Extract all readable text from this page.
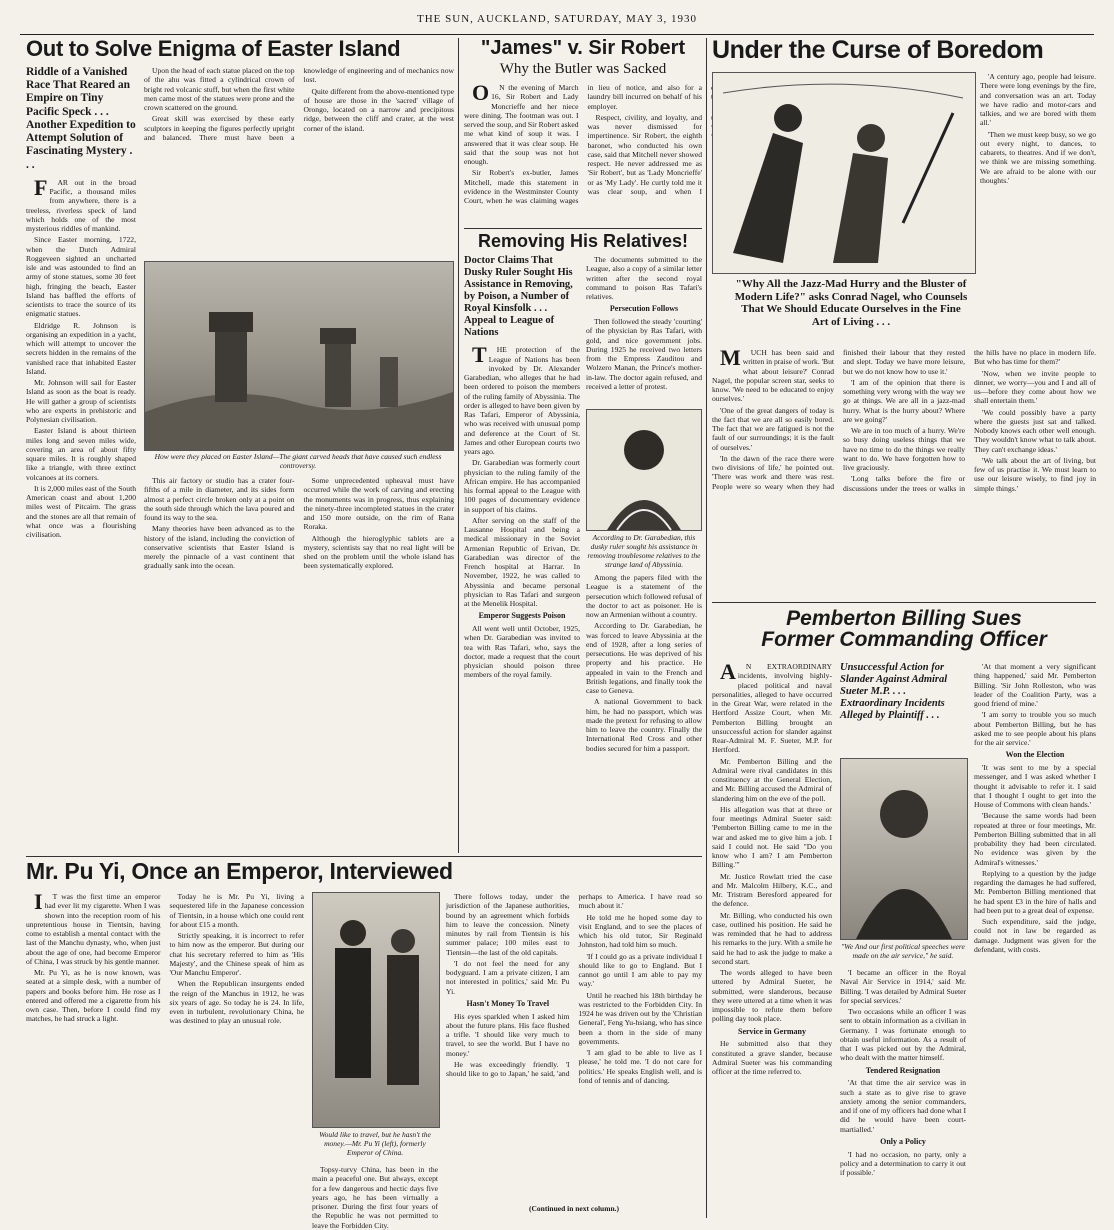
THE SUN, AUCKLAND, SATURDAY, MAY 3, 1930
Out to Solve Enigma of Easter Island
Riddle of a Vanished Race That Reared an Empire on Tiny Pacific Speck . . . Another Expedition to Attempt Solution of Fascinating Mystery . . .

F AR out in the broad Pacific, a thousand miles from anywhere, there is a treeless, riverless speck of land which holds one of the most mysterious riddles of mankind.

Since Easter morning, 1722, when the Dutch Admiral Roggeveen sighted an uncharted isle and was astounded to find an army of stone statues, some 30 feet high, fringing the beach, Easter Island has baffled the efforts of scientists to trace the source of its enigmatic statues.

Eldridge R. Johnson is organising an expedition in a yacht, which will attempt to uncover the secrets hidden in the remains of the vanished race that inhabited Easter Island.

Mr. Johnson will sail for Easter Island as soon as the boat is ready. He will gather a group of scientists who are experts in prehistoric and Polynesian civilisation.

Easter Island is about thirteen miles long and seven miles wide, covering an area of about fifty square miles. It is roughly shaped like a triangle, with three extinct volcanoes at its corners.

It is 2,000 miles east of the South American coast and about 1,200 miles west of Pitcairn. The grass and the stones are all that remain of what once was a flourishing civilisation.

Upon the head of each statue placed on the top of the ahu was fitted a cylindrical crown of bright red volcanic stuff, but when the first white men came most of the statues were prone and the crown scattered on the ground.

Great skill was exercised by these early sculptors in keeping the figures perfectly upright and balanced. There must have been a knowledge of engineering and of mechanics now lost.

Quite different from the above-mentioned type of house are those in the 'sacred' village of Orongo, located on a narrow and precipitous ridge, between the cliff and crater, at the west corner of the island.

How were they placed on Easter Island—The giant carved heads that have caused such endless controversy.

This air factory or studio has a crater four-fifths of a mile in diameter, and its sides form almost a perfect circle broken only at a point on the south side through which the lava poured and found its way to the sea.

Many theories have been advanced as to the history of the island, including the conviction of conservative scientists that Easter Island is merely the pinnacle of a vast continent that gradually sank into the ocean.

Some unprecedented upheaval must have occurred while the work of carving and erecting the monuments was in progress, thus explaining the ninety-three incompleted statues in the crater and 150 more outside, on the rim of Rana Roraka.

Although the hieroglyphic tablets are a mystery, scientists say that no real light will be shed on the problem until the whole island has been systematically explored.

"James" v. Sir Robert
Why the Butler was Sacked

O N the evening of March 16, Sir Robert and Lady Moncrieffe and her niece were dining. The footman was out. I served the soup, and Sir Robert asked me what kind of soup it was. I answered that it was clear soup. He said that the soup was not hot enough.

Sir Robert's ex-butler, James Mitchell, made this statement in evidence in the Westminster County Court, when he was claiming wages in lieu of notice, and also for a laundry bill incurred on behalf of his employer.

Respect, civility, and loyalty, and was never dismissed for impertinence. Sir Robert, the eighth baronet, who conducted his own case, said that Mitchell never showed respect. He never addressed me as 'Sir Robert', but as 'Lady Moncrieffe' or as 'My Lady'. He curtly told me it was clear soup, and when I

Removing His Relatives!
Doctor Claims That Dusky Ruler Sought His Assistance in Removing, by Poison, a Number of Royal Kinsfolk . . . Appeal to League of Nations

T HE protection of the League of Nations has been invoked by Dr. Alexander Garabedian, who alleges that he had been ordered to poison the members of the ruling family of Abyssinia. The order is alleged to have been given by Ras Tafari, Emperor of Abyssinia, who was received with unusual pomp and deference at the Court of St. James and other European courts two years ago.

Dr. Garabedian was formerly court physician to the ruling family of the African empire. He has accompanied his formal appeal to the League with 100 pages of documentary evidence in support of his claims.

After serving on the staff of the Lausanne Hospital and being a medical missionary in the Soviet Armenian Republic of Erivan, Dr. Garabedian was director of the French hospital at Harrar. In November, 1922, he was called to Abyssinia and became personal physician to Ras Tafari and surgeon at the Menelik Hospital.

Emperor Suggests Poison

All went well until October, 1925, when Dr. Garabedian was invited to tea with Ras Tafari, who, says the doctor, made a request that the court physician should poison three members of the royal family.

The documents submitted to the League, also a copy of a similar letter written after the second royal command to poison Ras Tafari's relatives.

Persecution Follows

Then followed the steady 'courting' of the physician by Ras Tafari, with gold, and nice government jobs. During 1925 he received two letters from the Empress Zauditou and Wolzero Manan, the Prince's mother-in-law. The doctor again refused, and received a letter of protest.

According to Dr. Garabedian, this dusky ruler sought his assistance in removing troublesome relatives to the strange land of Abyssinia.

Among the papers filed with the League is a statement of the persecution which followed refusal of the doctor to act as poisoner. He is now an Armenian without a country.

According to Dr. Garabedian, he was forced to leave Abyssinia at the end of 1928, after a long series of persecutions. He was deprived of his property and his practice. He appealed in vain to the French and British legations, and finally took the case to Geneva.

A national Government to back him, he had no passport, which was made the pretext for refusing to allow him to leave the country. Finally the International Red Cross and other bodies secured for him a passport.

Under the Curse of Boredom
"Why All the Jazz-Mad Hurry and the Bluster of Modern Life?" asks Conrad Nagel, who Counsels That We Should Educate Ourselves in the Fine Art of Living . . .

'A century ago, people had leisure. There were long evenings by the fire, and conversation was an art. Today we have radio and motor-cars and talkies, and we are bored with them all.'

'Then we must keep busy, so we go out every night, to dances, to cabarets, to theatres. And if we don't, we think we are missing something. We are afraid to be alone with our thoughts.'

M UCH has been said and written in praise of work. 'But what about leisure?' Conrad Nagel, the popular screen star, seeks to know. 'We need to be educated to enjoy ourselves.'

'One of the great dangers of today is the fact that we are all so easily bored. The fact that we are fatigued is not the fault of our surroundings; it is the fault of ourselves.'

'In the dawn of the race there were two divisions of life,' he pointed out. 'There was work and there was rest. People were so weary when they had finished their labour that they rested and slept. Today we have more leisure, but we do not know how to use it.'

'I am of the opinion that there is something very wrong with the way we go at things. We are all in a jazz-mad hurry. What is the hurry about? Where are we going?'

We are in too much of a hurry. We're so busy doing useless things that we have no time to do the things we really want to do. We have forgotten how to live graciously.

'Long talks before the fire or discussions under the trees or walks in the hills have no place in modern life. But who has time for them?'

'Now, when we invite people to dinner, we worry—you and I and all of us—before they come about how we shall entertain them.'

'We could possibly have a party where the guests just sat and talked. Nobody knows each other well enough. They wouldn't know what to talk about. They can't exchange ideas.'

'We talk about the art of living, but few of us practise it. We must learn to use our leisure wisely, to find joy in simple things.'

Mr. Pu Yi, Once an Emperor, Interviewed

I T was the first time an emperor had ever lit my cigarette. When I was shown into the reception room of his unpretentious house in Tientsin, having come to establish a mental contact with the last of the Manchu dynasty, who, when just about the age of one, had become Emperor of China, I was struck by his gentle manner.

Mr. Pu Yi, as he is now known, was seated at a simple desk, with a number of papers and books before him. He rose as I entered and offered me a cigarette from his own case. Then, before I could find my matches, he had struck a light.

Today he is Mr. Pu Yi, living a sequestered life in the Japanese concession of Tientsin, in a house which one could rent for about £15 a month.

Strictly speaking, it is incorrect to refer to him now as the emperor. But during our chat his secretary referred to him as 'His Majesty', and the Chinese speak of him as 'Our Manchu Emperor'.

When the Republican insurgents ended the reign of the Manchus in 1912, he was six years of age. So today he is 24. In life, even in turbulent, revolutionary China, he was destined to play an unusual role.

Would like to travel, but he hasn't the money.—Mr. Pu Yi (left), formerly Emperor of China.

Topsy-turvy China, has been in the main a peaceful one. But always, except for a few dangerous and hectic days five years ago, he has been virtually a prisoner. During the first four years of the Republic he was not permitted to leave the Forbidden City.

There follows today, under the jurisdiction of the Japanese authorities, bound by an agreement which forbids him to leave the concession. Ninety minutes by rail from Tientsin is his summer palace; 100 miles east to Tientsin—the last of the old capitals.

'I do not feel the need for any bodyguard. I am a private citizen, I am not interested in politics,' said Mr. Pu Yi.

Hasn't Money To Travel

His eyes sparkled when I asked him about the future plans. His face flushed a trifle. 'I should like very much to travel, to see the world. But I have no money.'

He was exceedingly friendly. 'I should like to go to Japan,' he said, 'and perhaps to America. I have read so much about it.'

He told me he hoped some day to visit England, and to see the places of which his old tutor, Sir Reginald Johnston, had told him so much.

'If I could go as a private individual I should like to go to England. But I cannot go until I am able to pay my way.'

Until he reached his 18th birthday he was restricted to the Forbidden City. In 1924 he was driven out by the 'Christian General', Feng Yu-hsiang, who has since been a thorn in the side of many governments.

'I am glad to be able to live as I please,' he told me. 'I do not care for politics.' He speaks English well, and is fond of tennis and of dancing.

(Continued in next column.)
Pemberton Billing Sues
Former Commanding Officer

A N EXTRAORDINARY incidents, involving highly-placed political and naval personalities, alleged to have occurred in the Great War, were related in the Hertford Assize Court, when Mr. Pemberton Billing brought an unsuccessful action for slander against Rear-Admiral M. F. Sueter, M.P. for Hertford.

Mr. Pemberton Billing and the Admiral were rival candidates in this constituency at the General Election, and Mr. Billing accused the Admiral of slandering him on the eve of the poll.

His allegation was that at three or four meetings Admiral Sueter said: 'Pemberton Billing came to me in the war and asked me to give him a job. I said I could not. He said "Do you know who I am? I am Pemberton Billing."'

Mr. Justice Rowlatt tried the case and Mr. Malcolm Hilbery, K.C., and Mr. Tristram Beresford appeared for the defence.

Mr. Billing, who conducted his own case, outlined his position. He said he was reminded that he had to address his remarks to the jury. With a smile he said he had to ask the judge to make a second start.

The words alleged to have been uttered by Admiral Sueter, he submitted, were slanderous, because they were uttered at a time when it was impossible to refute them before polling day took place.

Service in Germany

He submitted also that they constituted a grave slander, because Admiral Sueter was his commanding officer at the time referred to.

Unsuccessful Action for Slander Against Admiral Sueter M.P. . . . Extraordinary Incidents Alleged by Plaintiff . . .
"We And our first political speeches were made on the air service," he said.

'I became an officer in the Royal Naval Air Service in 1914,' said Mr. Billing. 'I was detailed by Admiral Sueter for special services.'

Two occasions while an officer I was sent to obtain information as a civilian in Germany. I was fortunate enough to obtain useful information. As a result of that I was picked out by the Admiral, who dealt with the matter himself.

Tendered Resignation

'At that time the air service was in such a state as to give rise to grave anxiety among the senior commanders, and if one of my officers had done what I did he would have been court-martialled.'

Only a Policy

'I had no occasion, no party, only a policy and a determination to carry it out if possible.'

'At that moment a very significant thing happened,' said Mr. Pemberton Billing. 'Sir John Rolleston, who was leader of the Coalition Party, was a good friend of mine.'

'I am sorry to trouble you so much about Pemberton Billing, but he has asked me to see people about his plans for the air service.'

Won the Election

'It was sent to me by a special messenger, and I was asked whether I thought it advisable to refer it. I said that I thought I ought to get into the House of Commons with clean hands.'

'Because the same words had been repeated at three or four meetings, Mr. Pemberton Billing submitted that in all probability they had been circulated. No evidence was given by the Admiral's witnesses.'

Replying to a question by the judge regarding the damages he had suffered, Mr. Pemberton Billing mentioned that he had spent £3 in the hire of halls and had been put to a great deal of expense.

Such expenditure, said the judge, could not in law be regarded as damage. Judgment was given for the defendant, with costs.
